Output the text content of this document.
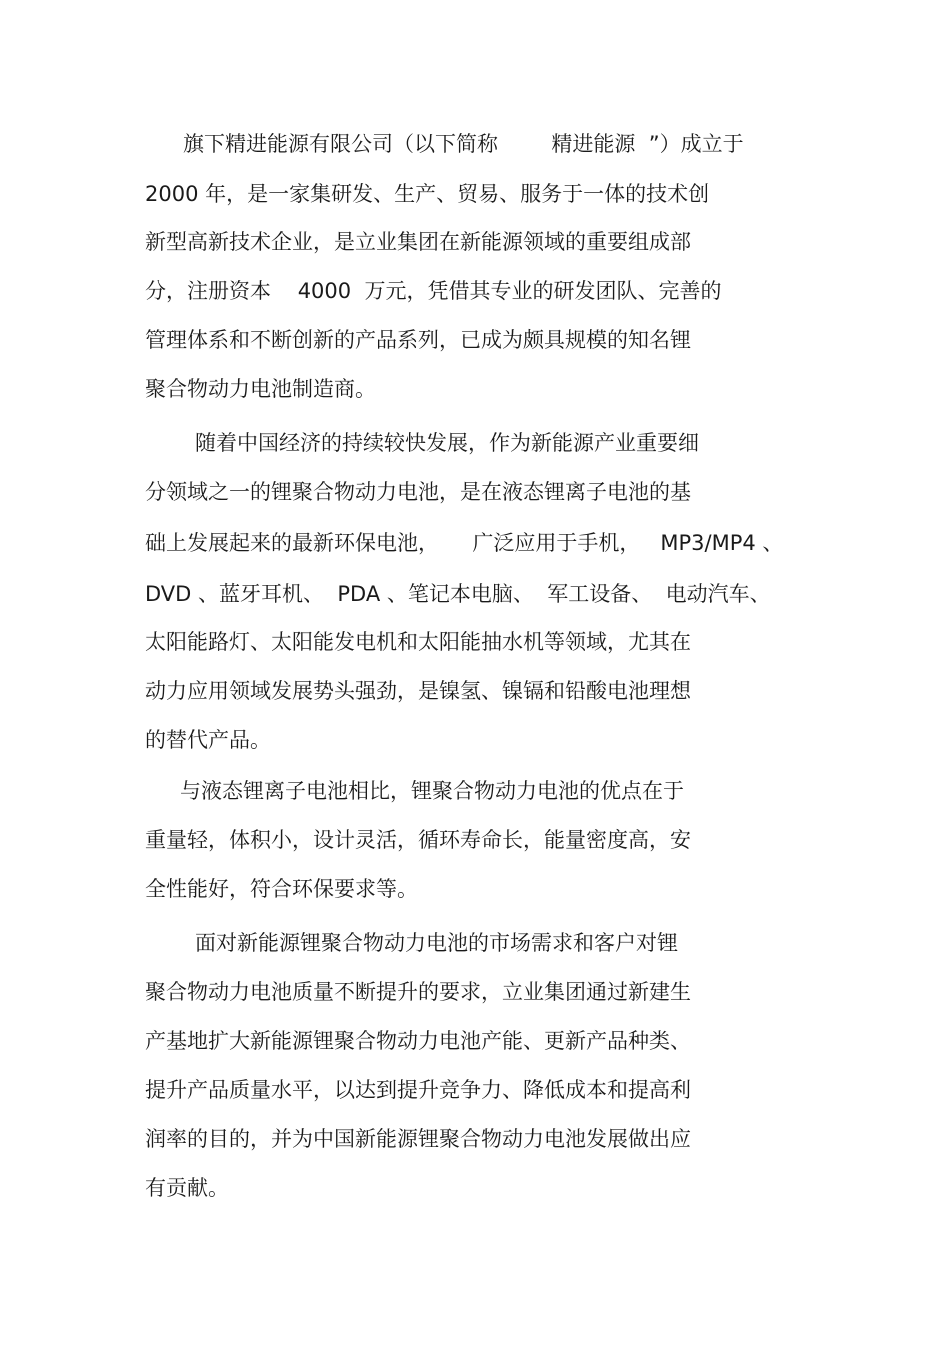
旗下精进能源有限公司（以下简称        精进能源  ”）成立于
2000 年，是一家集研发、生产、贸易、服务于一体的技术创
新型高新技术企业，是立业集团在新能源领域的重要组成部
分，注册资本    4000  万元，凭借其专业的研发团队、完善的
管理体系和不断创新的产品系列，已成为颇具规模的知名锂
聚合物动力电池制造商。
随着中国经济的持续较快发展，作为新能源产业重要细
分领域之一的锂聚合物动力电池，是在液态锂离子电池的基
础上发展起来的最新环保电池，     广泛应用于手机，   MP3/MP4 、
DVD 、蓝牙耳机、  PDA 、笔记本电脑、  军工设备、  电动汽车、
太阳能路灯、太阳能发电机和太阳能抽水机等领域，尤其在
动力应用领域发展势头强劲，是镍氢、镍镉和铅酸电池理想
的替代产品。
与液态锂离子电池相比，锂聚合物动力电池的优点在于
重量轻，体积小，设计灵活，循环寿命长，能量密度高，安
全性能好，符合环保要求等。
面对新能源锂聚合物动力电池的市场需求和客户对锂
聚合物动力电池质量不断提升的要求，立业集团通过新建生
产基地扩大新能源锂聚合物动力电池产能、更新产品种类、
提升产品质量水平，以达到提升竞争力、降低成本和提高利
润率的目的，并为中国新能源锂聚合物动力电池发展做出应
有贡献。
